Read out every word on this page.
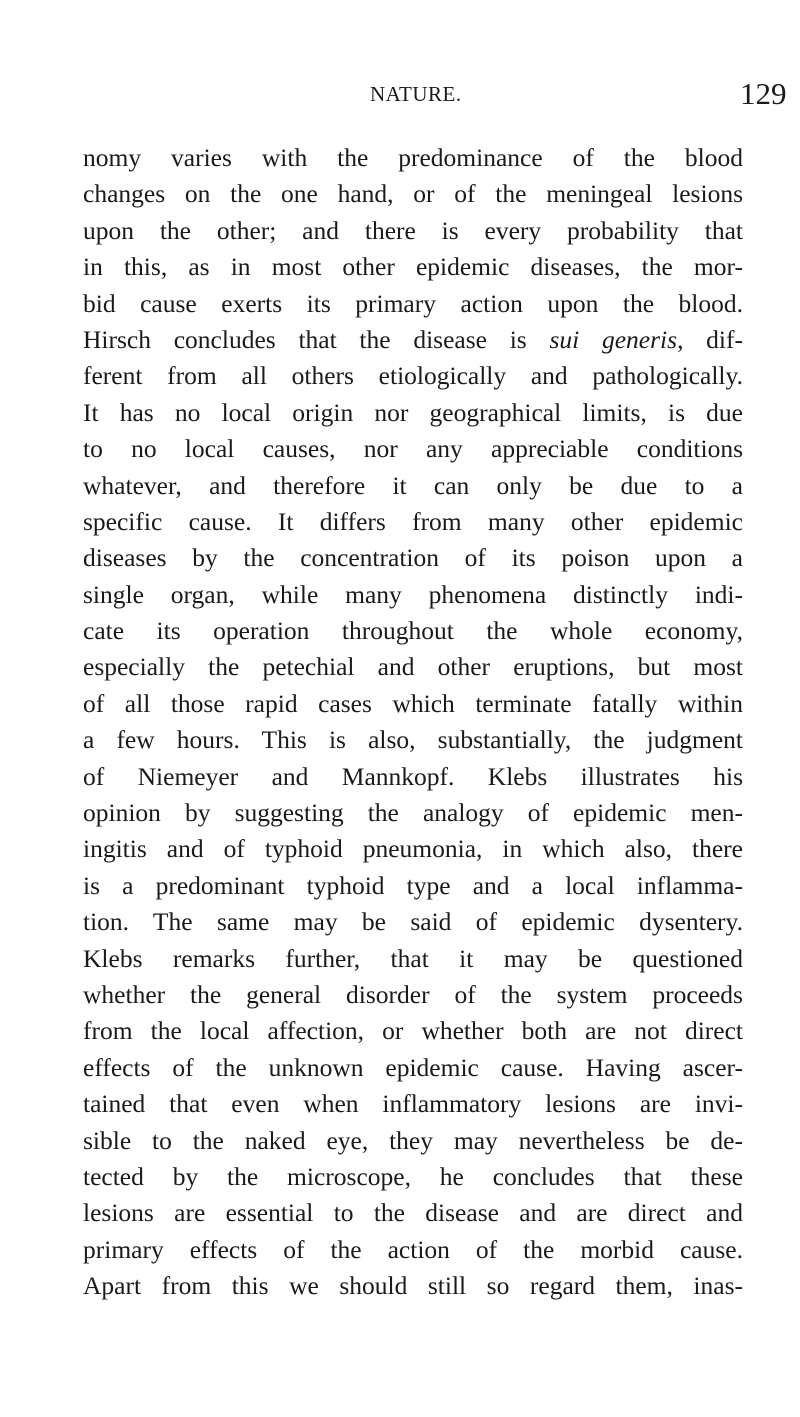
NATURE.	129
nomy varies with the predominance of the blood
changes on the one hand, or of the meningeal lesions
upon the other; and there is every probability that
in this, as in most other epidemic diseases, the mor-
bid cause exerts its primary action upon the blood.
Hirsch concludes that the disease is sui generis, dif-
ferent from all others etiologically and pathologically.
It has no local origin nor geographical limits, is due
to no local causes, nor any appreciable conditions
whatever, and therefore it can only be due to a
specific cause. It differs from many other epidemic
diseases by the concentration of its poison upon a
single organ, while many phenomena distinctly indi-
cate its operation throughout the whole economy,
especially the petechial and other eruptions, but most
of all those rapid cases which terminate fatally within
a few hours. This is also, substantially, the judgment
of Niemeyer and Mannkopf. Klebs illustrates his
opinion by suggesting the analogy of epidemic men-
ingitis and of typhoid pneumonia, in which also, there
is a predominant typhoid type and a local inflamma-
tion. The same may be said of epidemic dysentery.
Klebs remarks further, that it may be questioned
whether the general disorder of the system proceeds
from the local affection, or whether both are not direct
effects of the unknown epidemic cause. Having ascer-
tained that even when inflammatory lesions are invi-
sible to the naked eye, they may nevertheless be de-
tected by the microscope, he concludes that these
lesions are essential to the disease and are direct and
primary effects of the action of the morbid cause.
Apart from this we should still so regard them, inas-
